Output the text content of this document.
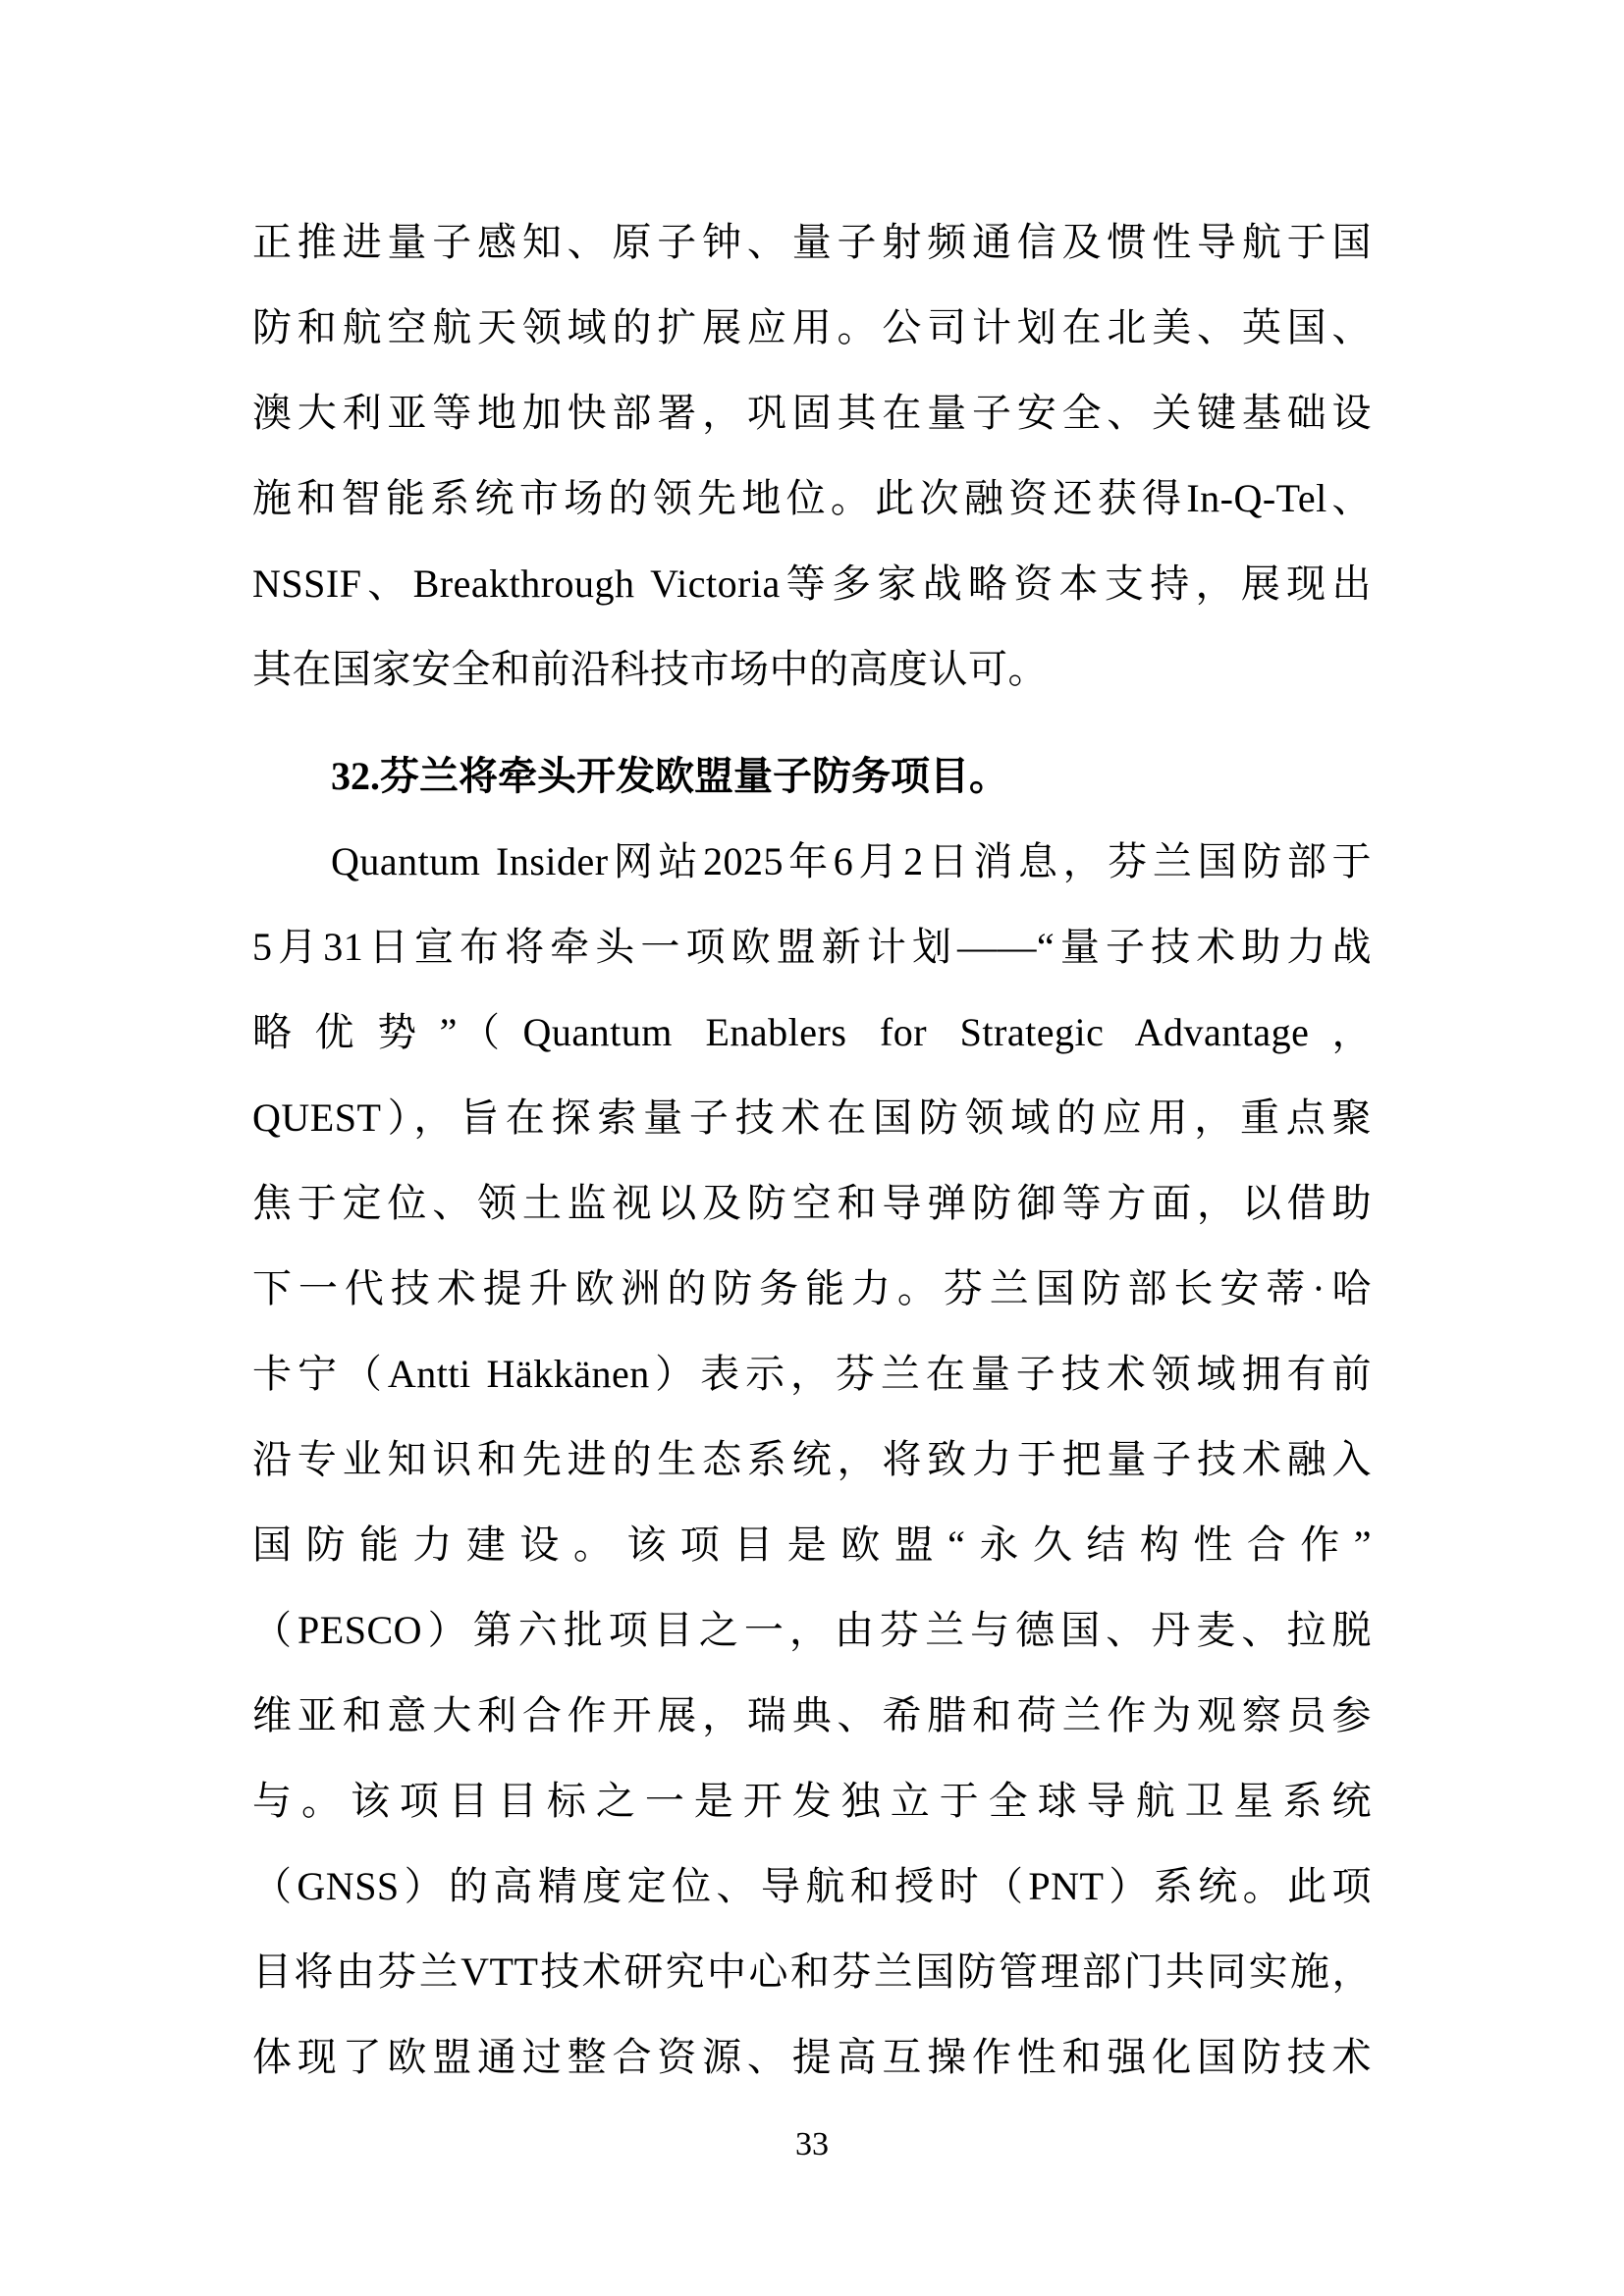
正推进量子感知、原子钟、量子射频通信及惯性导航于国
防和航空航天领域的扩展应用。公司计划在北美、英国、
澳大利亚等地加快部署，巩固其在量子安全、关键基础设
施和智能系统市场的领先地位。此次融资还获得In-Q-Tel、
NSSIF、Breakthrough Victoria等多家战略资本支持，展现出
其在国家安全和前沿科技市场中的高度认可。
32.芬兰将牵头开发欧盟量子防务项目。
Quantum Insider网站2025年6月2日消息，芬兰国防部于
5月31日宣布将牵头一项欧盟新计划——“量子技术助力战
略优势”（Quantum Enablers for Strategic Advantage，
QUEST），旨在探索量子技术在国防领域的应用，重点聚
焦于定位、领土监视以及防空和导弹防御等方面，以借助
下一代技术提升欧洲的防务能力。芬兰国防部长安蒂·哈
卡宁（Antti Häkkänen）表示，芬兰在量子技术领域拥有前
沿专业知识和先进的生态系统，将致力于把量子技术融入
国防能力建设。该项目是欧盟“永久结构性合作”
（PESCO）第六批项目之一，由芬兰与德国、丹麦、拉脱
维亚和意大利合作开展，瑞典、希腊和荷兰作为观察员参
与。该项目目标之一是开发独立于全球导航卫星系统
（GNSS）的高精度定位、导航和授时（PNT）系统。此项
目将由芬兰VTT技术研究中心和芬兰国防管理部门共同实施，
体现了欧盟通过整合资源、提高互操作性和强化国防技术
33
